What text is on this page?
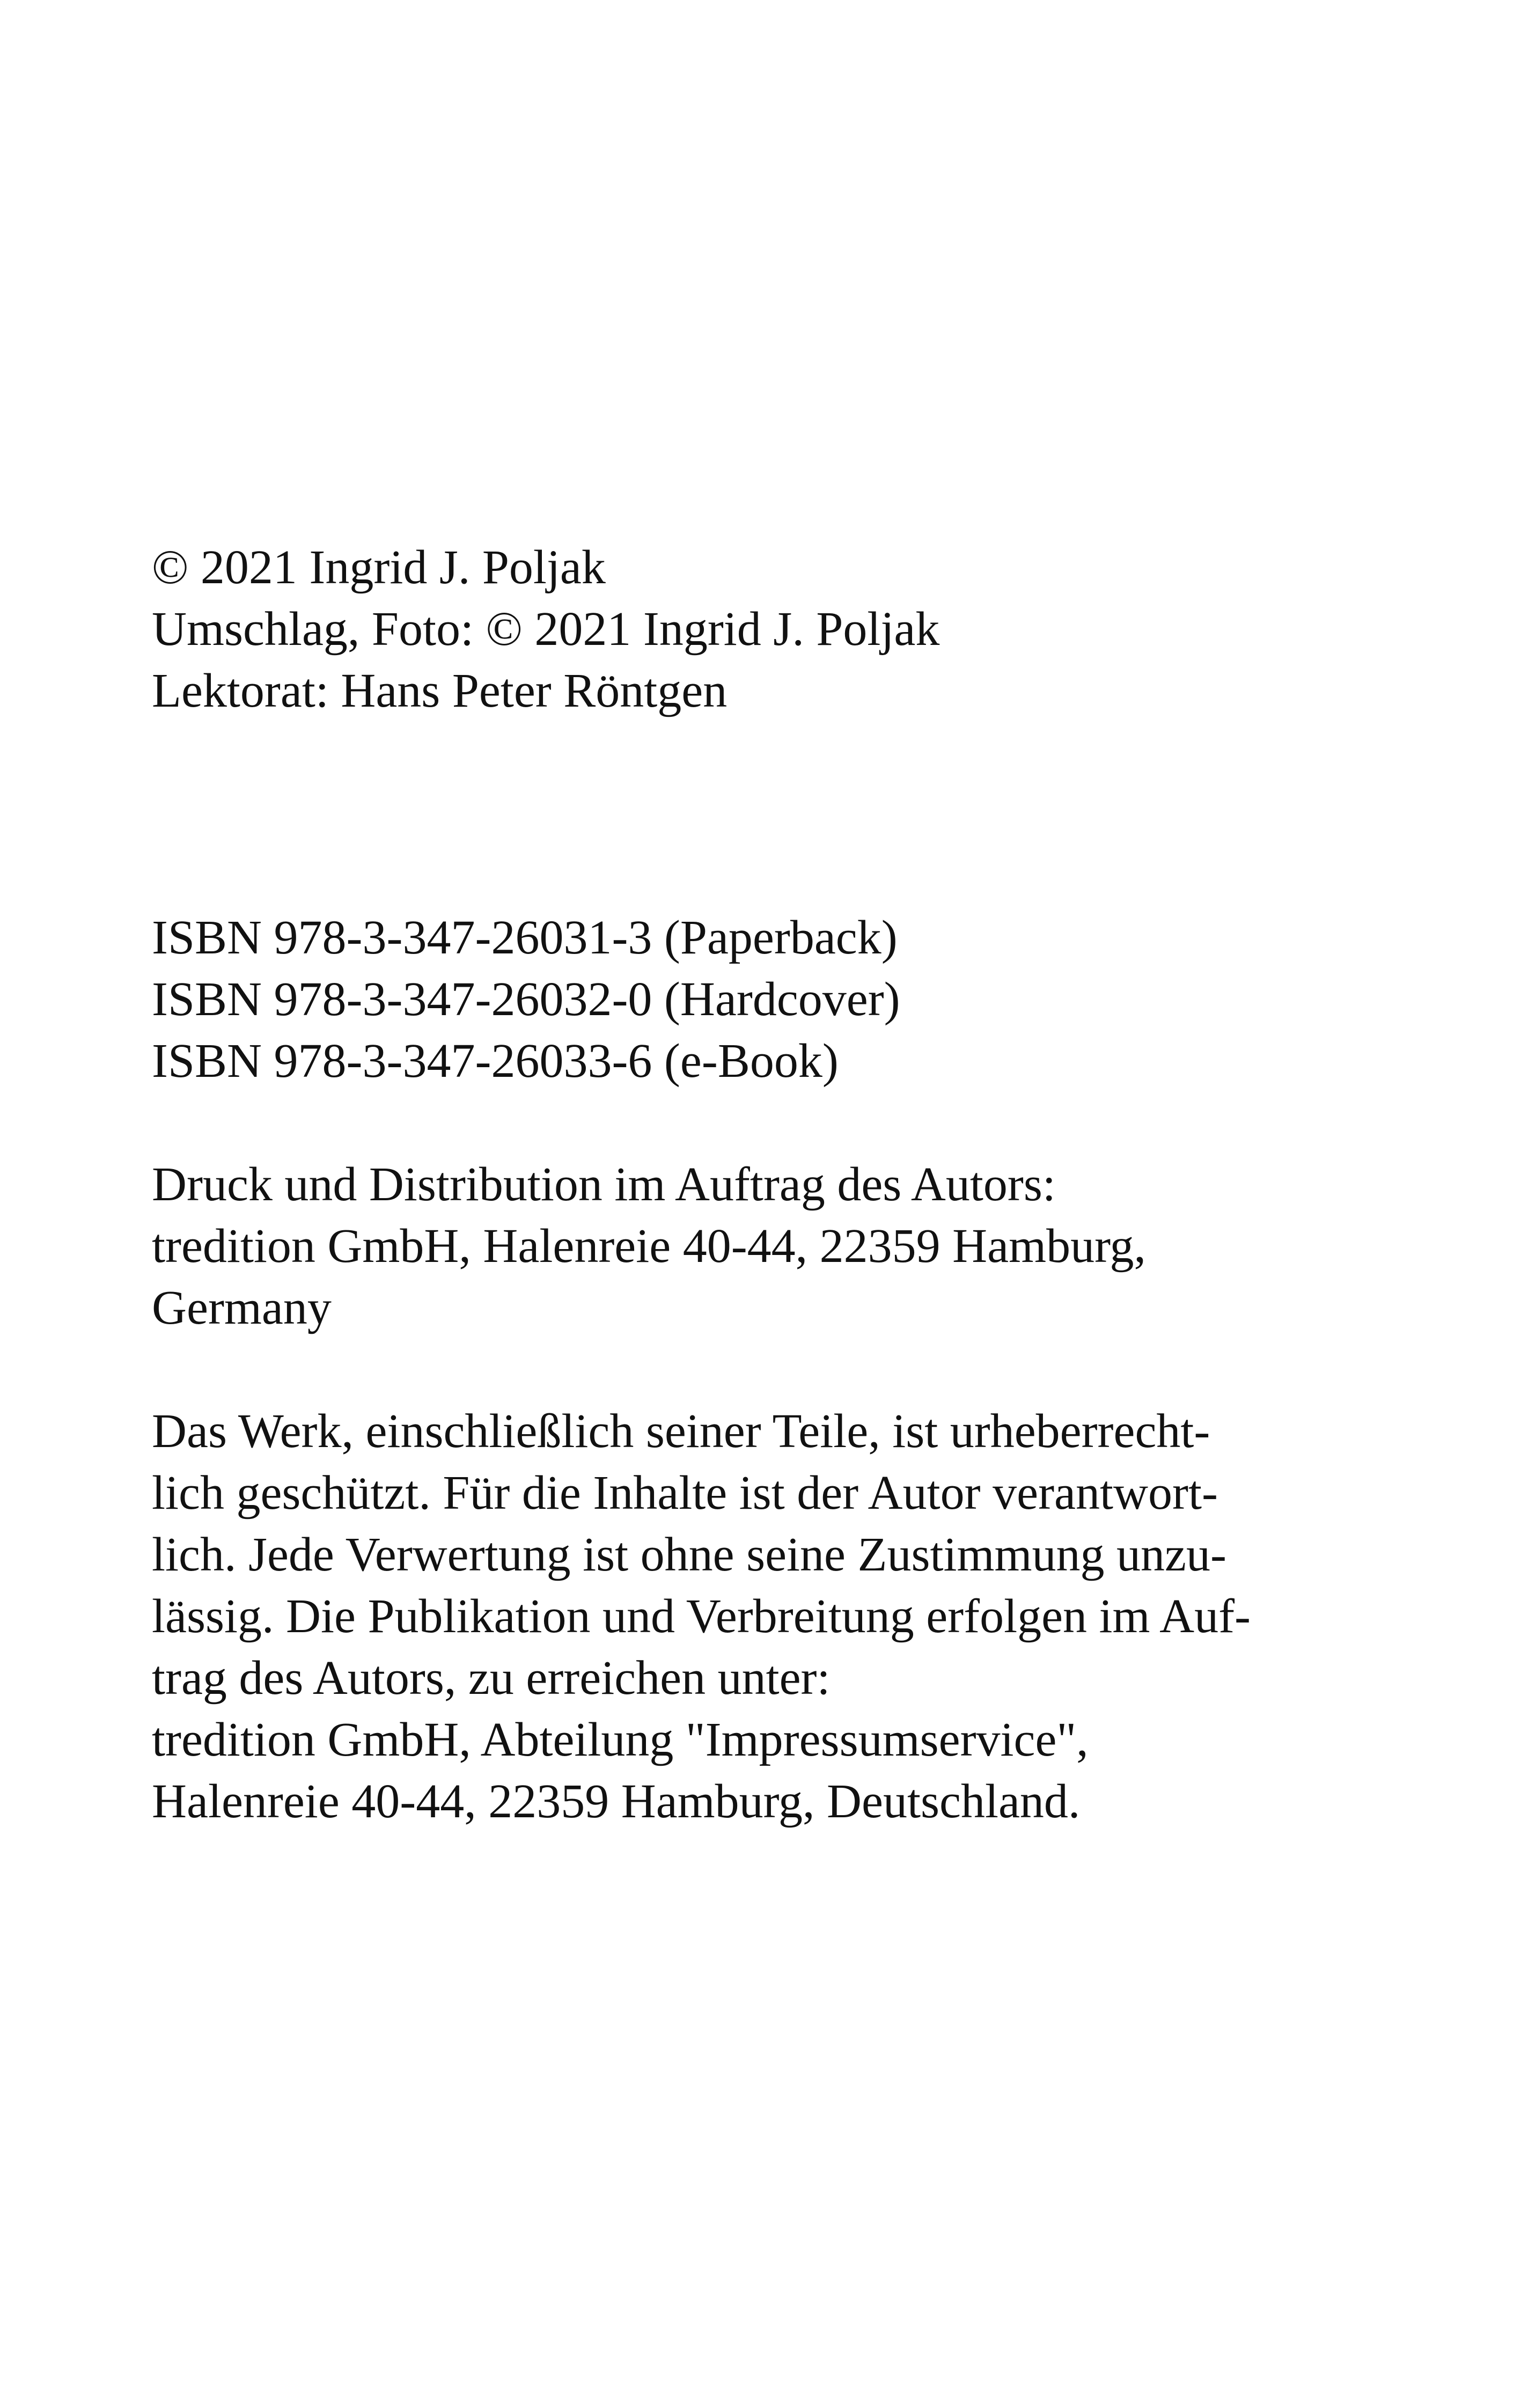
© 2021 Ingrid J. Poljak
Umschlag, Foto: © 2021 Ingrid J. Poljak
Lektorat: Hans Peter Röntgen
ISBN 978-3-347-26031-3 (Paperback)
ISBN 978-3-347-26032-0 (Hardcover)
ISBN 978-3-347-26033-6 (e-Book)
Druck und Distribution im Auftrag des Autors:
tredition GmbH, Halenreie 40-44, 22359 Hamburg,
Germany
Das Werk, einschließlich seiner Teile, ist urheberrecht-
lich geschützt. Für die Inhalte ist der Autor verantwort-
lich. Jede Verwertung ist ohne seine Zustimmung unzu-
lässig. Die Publikation und Verbreitung erfolgen im Auf-
trag des Autors, zu erreichen unter:
tredition GmbH, Abteilung "Impressumservice",
Halenreie 40-44, 22359 Hamburg, Deutschland.
